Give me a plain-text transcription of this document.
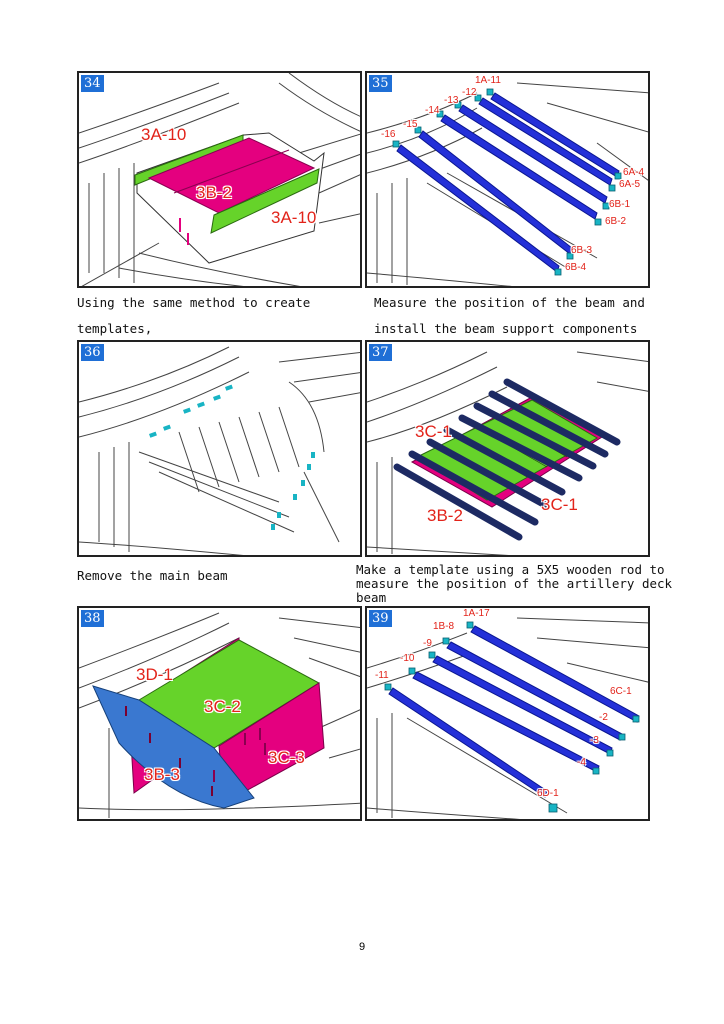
34
3A-10
3B-2
3A-10
35	1A-11
-12
-13
-14
-15
-16
6A-4
6A-5
6B-1
6B-2
6B-3
6B-4
Using the same method to create
templates,
Measure the position of the beam and
install the beam support components
36	37
3C-1
3C-1
3B-2
Remove the main beam	Make a template using a 5X5 wooden rod to
measure the position of the artillery deck
beam
38
3D-1
3C-2
3C-3
3B-3
39	1A-17
1B-8
-9
-10
-11
6C-1
-2
-3
-4
6D-1
9
